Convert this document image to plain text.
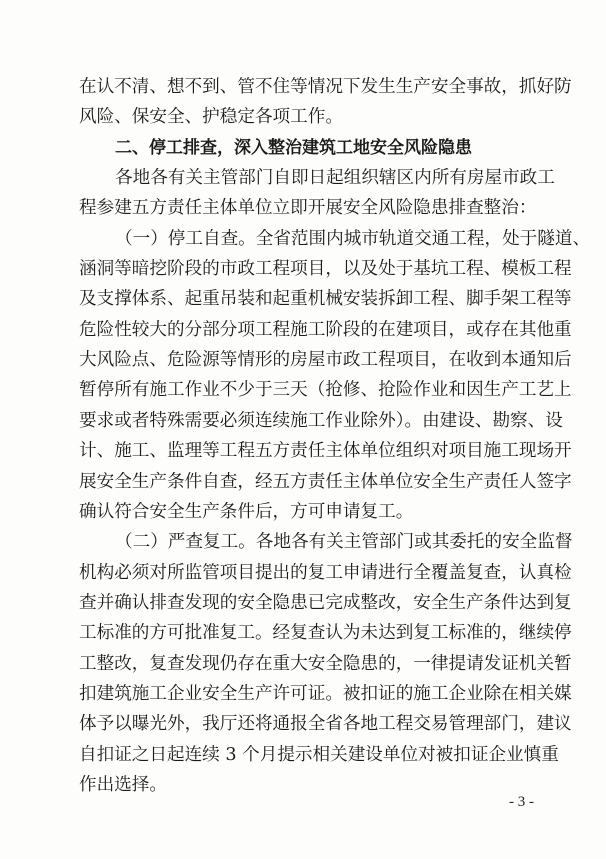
在认不清、想不到、管不住等情况下发生生产安全事故，抓好防
风险、保安全、护稳定各项工作。
二、停工排查，深入整治建筑工地安全风险隐患
各地各有关主管部门自即日起组织辖区内所有房屋市政工
程参建五方责任主体单位立即开展安全风险隐患排查整治：
（一）停工自查。全省范围内城市轨道交通工程，处于隧道、
涵洞等暗挖阶段的市政工程项目，以及处于基坑工程、模板工程
及支撑体系、起重吊装和起重机械安装拆卸工程、脚手架工程等
危险性较大的分部分项工程施工阶段的在建项目，或存在其他重
大风险点、危险源等情形的房屋市政工程项目，在收到本通知后
暂停所有施工作业不少于三天（抢修、抢险作业和因生产工艺上
要求或者特殊需要必须连续施工作业除外）。由建设、勘察、设
计、施工、监理等工程五方责任主体单位组织对项目施工现场开
展安全生产条件自查，经五方责任主体单位安全生产责任人签字
确认符合安全生产条件后，方可申请复工。
（二）严查复工。各地各有关主管部门或其委托的安全监督
机构必须对所监管项目提出的复工申请进行全覆盖复查，认真检
查并确认排查发现的安全隐患已完成整改，安全生产条件达到复
工标准的方可批准复工。经复查认为未达到复工标准的，继续停
工整改，复查发现仍存在重大安全隐患的，一律提请发证机关暂
扣建筑施工企业安全生产许可证。被扣证的施工企业除在相关媒
体予以曝光外，我厅还将通报全省各地工程交易管理部门，建议
自扣证之日起连续 3 个月提示相关建设单位对被扣证企业慎重
作出选择。
- 3 -
